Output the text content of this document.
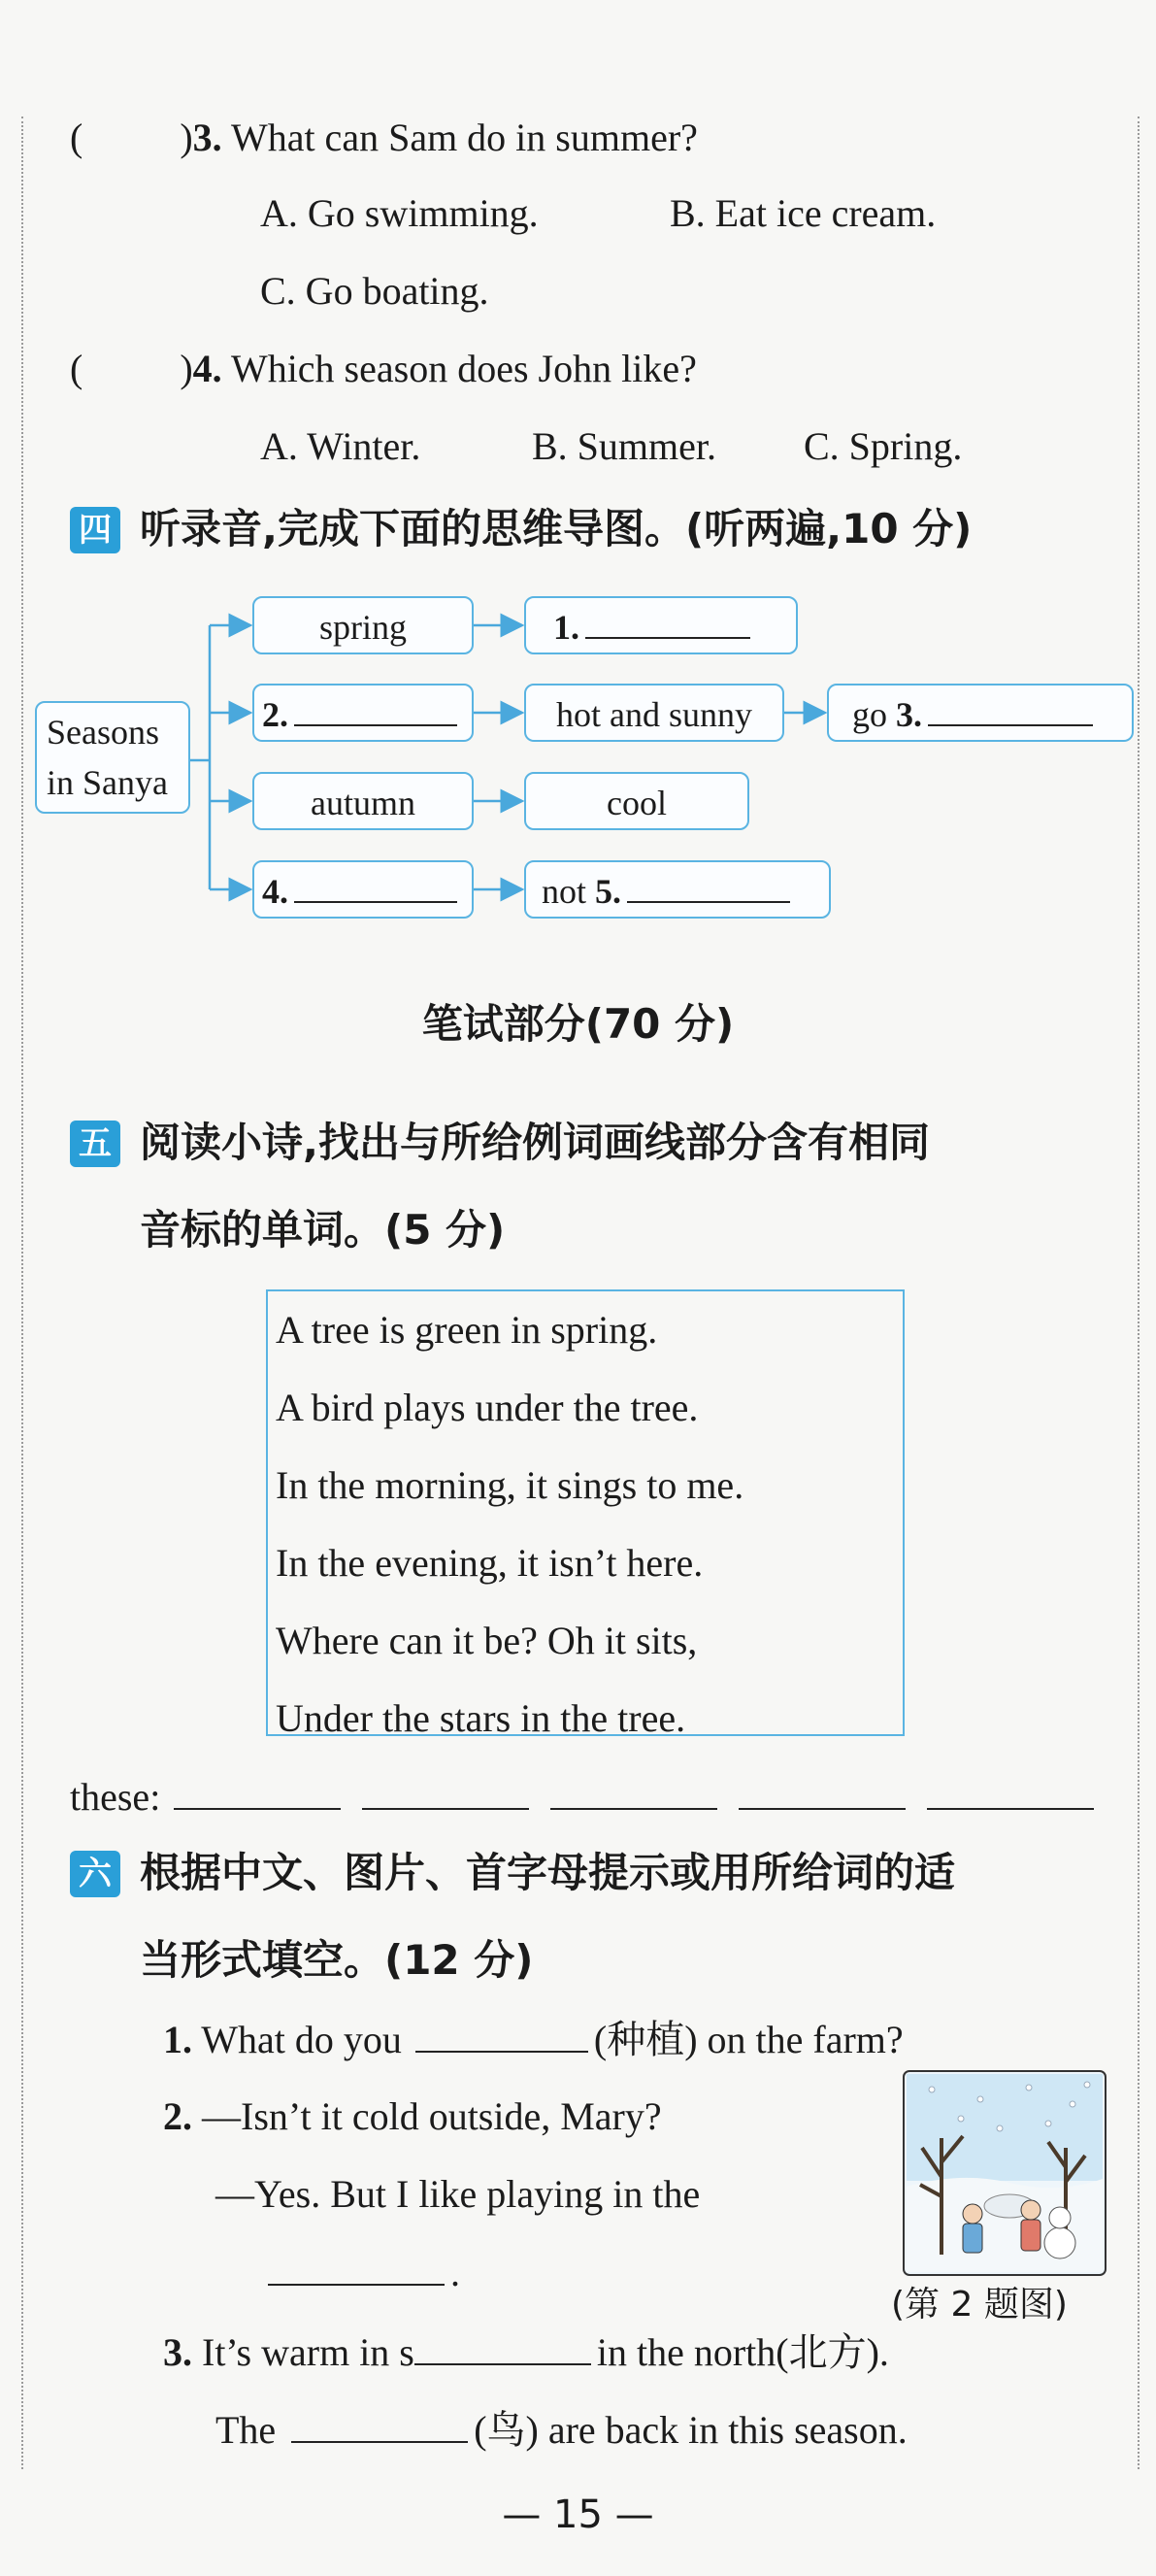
(	)3. What can Sam do in summer?
A. Go swimming.	B. Eat ice cream.
C. Go boating.
(	)4. Which season does John like?
A. Winter.	B. Summer. C. Spring.
四 听录音,完成下面的思维导图。(听两遍,10 分)
Seasons
in Sanya
spring	1.
2.	hot and sunny	go 3.
autumn	cool
4.	not 5.
笔试部分(70 分)
五 阅读小诗,找出与所给例词画线部分含有相同
音标的单词。(5 分)
A tree is green in spring.
A bird plays under the tree.
In the morning, it sings to me.
In the evening, it isn’t here.
Where can it be? Oh it sits,
Under the stars in the tree.
these:
六 根据中文、图片、首字母提示或用所给词的适
当形式填空。(12 分)
1. What do you	(种植) on the farm?
2. —Isn’t it cold outside, Mary?
—Yes. But I like playing in the
.
(第 2 题图)
3. It’s warm in s	in the north(北方).
The	(鸟) are back in this season.
— 15 —
